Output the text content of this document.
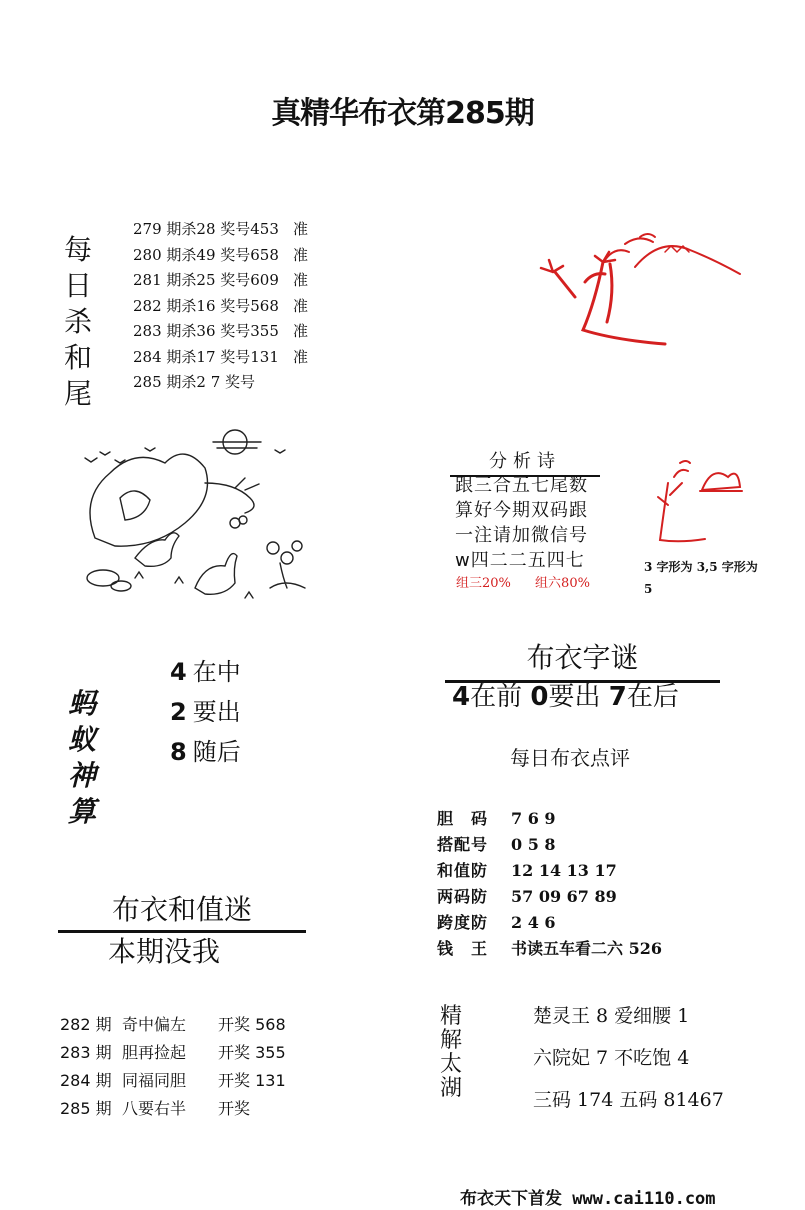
真精华布衣第285期
每
日
杀
和
尾
279 期杀28 奖号453 准
280 期杀49 奖号658 准
281 期杀25 奖号609 准
282 期杀16 奖号568 准
283 期杀36 奖号355 准
284 期杀17 奖号131 准
285 期杀2 7 奖号
分析诗
跟三合五七尾数
算好今期双码跟
一注请加微信号
w四二二五四七
组三20% 组六80%
3 字形为 3,5 字形为 5
4 在中
2 要出
8 随后
蚂
蚁
神
算
布衣字谜
4在前 0要出 7在后
每日布衣点评
胆　码 7 6 9
搭配号 0 5 8
和值防 12 14 13 17
两码防 57 09 67 89
跨度防 2 4 6
钱　王 书读五车看二六 526
布衣和值迷
本期没我
282 期 奇中偏左 开奖 568
283 期 胆再捡起 开奖 355
284 期 同福同胆 开奖 131
285 期 八要右半 开奖
精
解
太
湖
楚灵王 8 爱细腰 1
六院妃 7 不吃饱 4
三码 174 五码 81467
布衣天下首发 www.cai110.com
